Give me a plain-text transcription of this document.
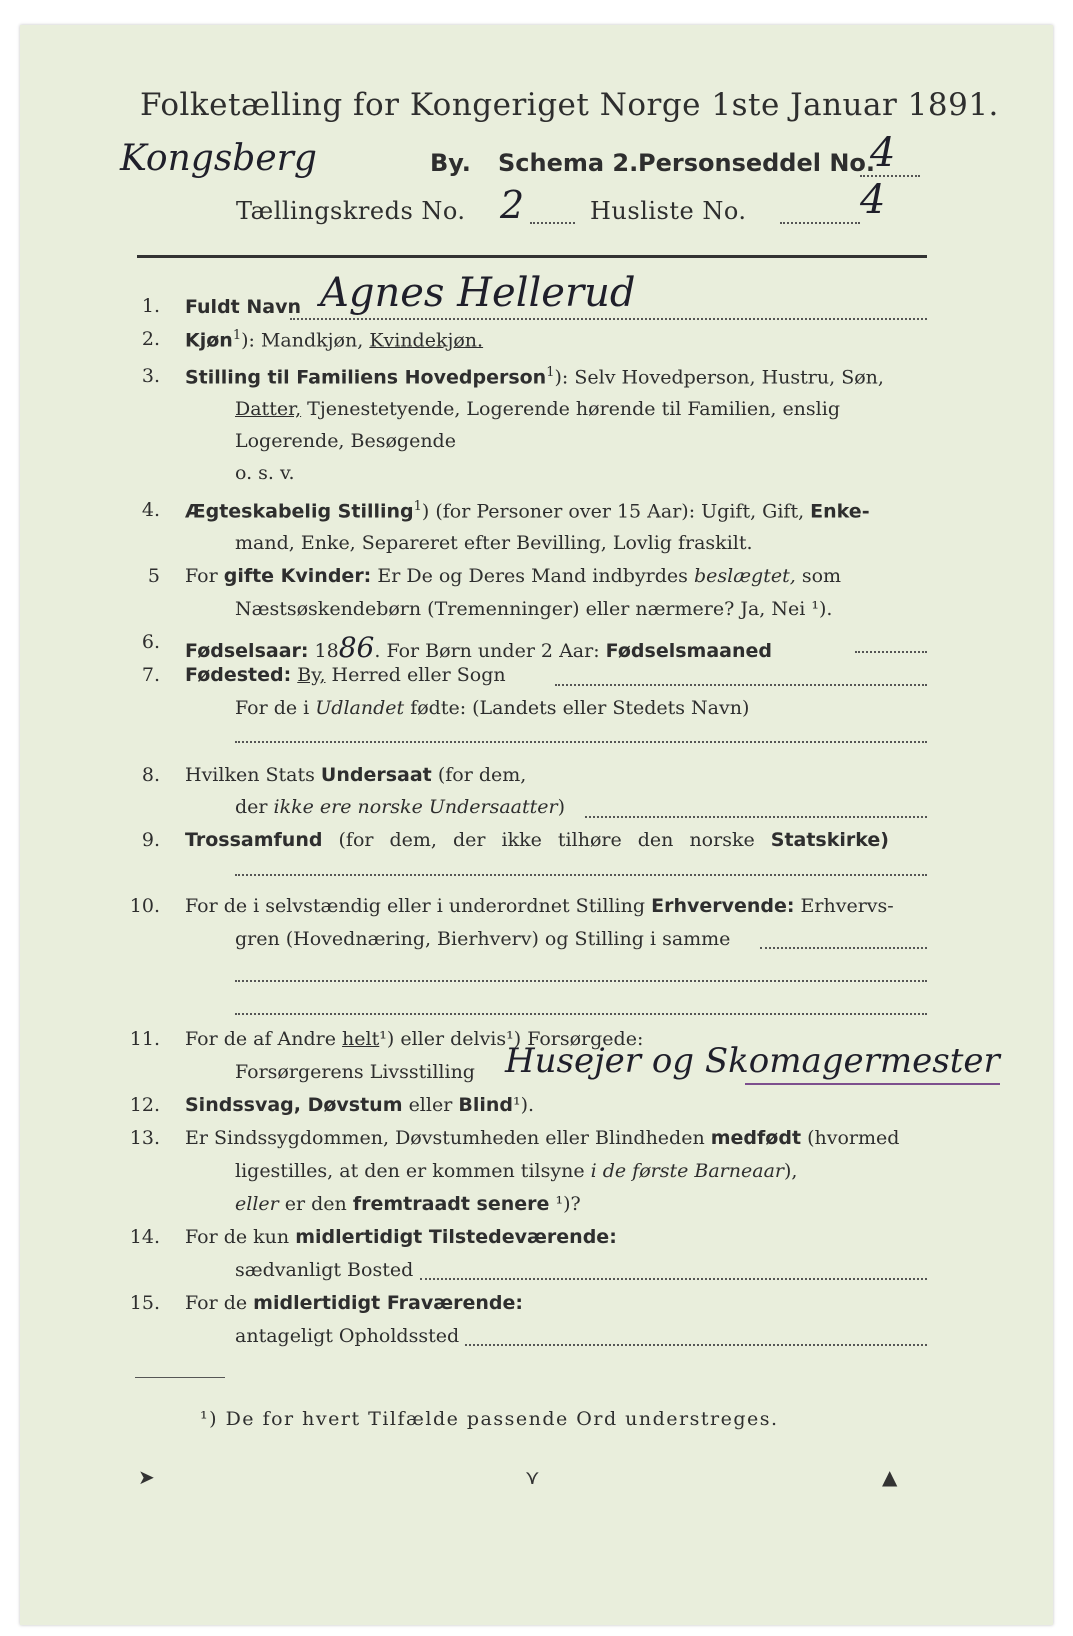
Folketælling for Kongeriget Norge 1ste Januar 1891.
Kongsberg	By. Schema 2. Personseddel No.
4
Tællingskreds No. 2	Husliste No.	4
1. Fuldt Navn Agnes Hellerud
2. Kjøn$^1$): Mandkjøn, Kvindekjøn.
3. Stilling til Familiens Hovedperson$^1$): Selv Hovedperson, Hustru, Søn,
Datter, Tjenestetyende, Logerende hørende til Familien, enslig
Logerende, Besøgende
o. s. v.
4. Ægteskabelig Stilling$^1$) (for Personer over 15 Aar): Ugift, Gift, Enke-
mand, Enke, Separeret efter Bevilling, Lovlig fraskilt.
5 For gifte Kvinder: Er De og Deres Mand indbyrdes beslægtet, som
Næstsøskendebørn (Tremenninger) eller nærmere? Ja, Nei ¹).
6. Fødselsaar: 1886. For Børn under 2 Aar: Fødselsmaaned
7. Fødested: By, Herred eller Sogn
For de i Udlandet fødte: (Landets eller Stedets Navn)
8. Hvilken Stats Undersaat (for dem,
der ikke ere norske Undersaatter)
9. Trossamfund (for dem, der ikke tilhøre den norske Statskirke)
10. For de i selvstændig eller i underordnet Stilling Erhvervende: Erhvervs-
gren (Hovednæring, Bierhverv) og Stilling i samme
11. For de af Andre helt¹) eller delvis¹) Forsørgede:
Forsørgerens Livsstilling Husejer og Skomagermester
12. Sindssvag, Døvstum eller Blind¹).
13. Er Sindssygdommen, Døvstumheden eller Blindheden medfødt (hvormed
ligestilles, at den er kommen tilsyne i de første Barneaar),
eller er den fremtraadt senere ¹)?
14. For de kun midlertidigt Tilstedeværende:
sædvanligt Bosted
15. For de midlertidigt Fraværende:
antageligt Opholdssted
¹) De for hvert Tilfælde passende Ord understreges.
➤	⋎	▲
